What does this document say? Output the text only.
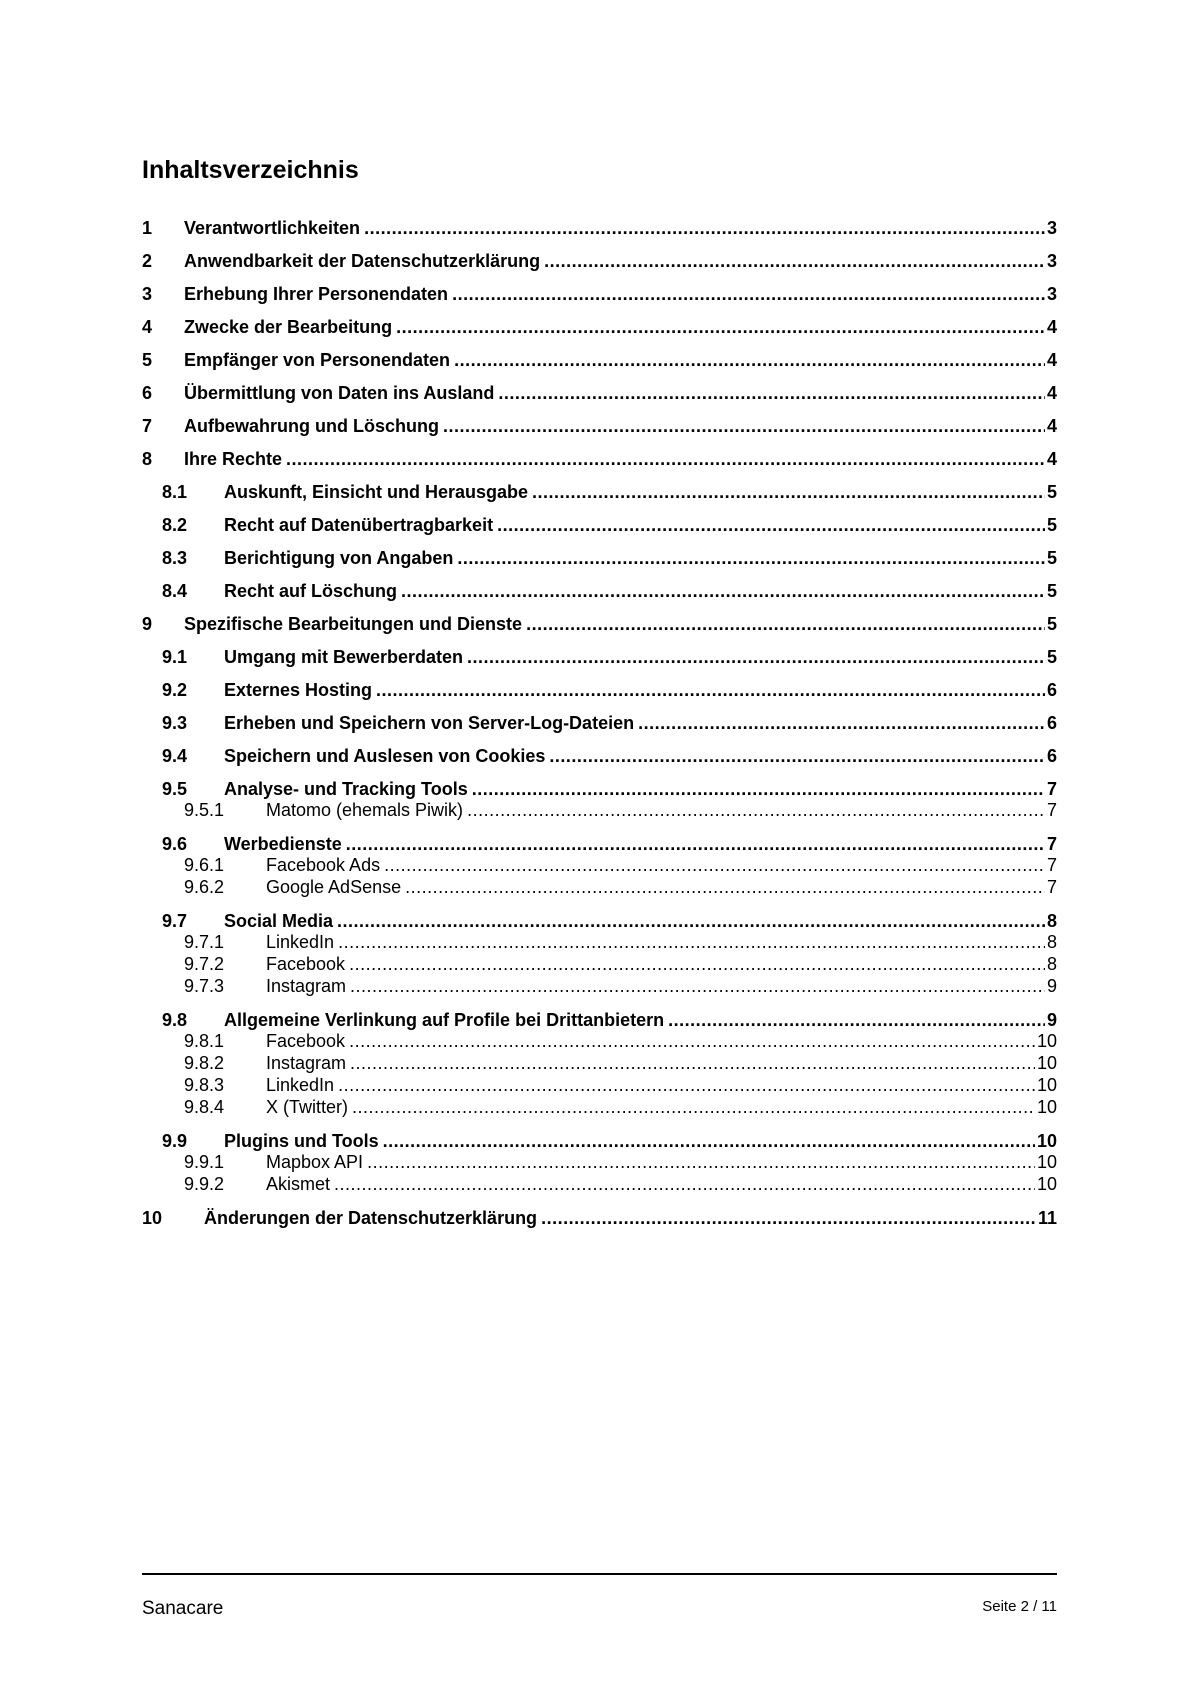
Inhaltsverzeichnis
1	Verantwortlichkeiten .....	3
2	Anwendbarkeit der Datenschutzerklärung .....	3
3	Erhebung Ihrer Personendaten .....	3
4	Zwecke der Bearbeitung .....	4
5	Empfänger von Personendaten .....	4
6	Übermittlung von Daten ins Ausland .....	4
7	Aufbewahrung und Löschung .....	4
8	Ihre Rechte .....	4
8.1	Auskunft, Einsicht und Herausgabe .....	5
8.2	Recht auf Datenübertragbarkeit .....	5
8.3	Berichtigung von Angaben .....	5
8.4	Recht auf Löschung .....	5
9	Spezifische Bearbeitungen und Dienste .....	5
9.1	Umgang mit Bewerberdaten .....	5
9.2	Externes Hosting .....	6
9.3	Erheben und Speichern von Server-Log-Dateien .....	6
9.4	Speichern und Auslesen von Cookies .....	6
9.5	Analyse- und Tracking Tools .....	7
9.5.1	Matomo (ehemals Piwik) .....	7
9.6	Werbedienste .....	7
9.6.1	Facebook Ads .....	7
9.6.2	Google AdSense .....	7
9.7	Social Media .....	8
9.7.1	LinkedIn .....	8
9.7.2	Facebook .....	8
9.7.3	Instagram .....	9
9.8	Allgemeine Verlinkung auf Profile bei Drittanbietern .....	9
9.8.1	Facebook .....	10
9.8.2	Instagram .....	10
9.8.3	LinkedIn .....	10
9.8.4	X (Twitter) .....	10
9.9	Plugins und Tools .....	10
9.9.1	Mapbox API .....	10
9.9.2	Akismet .....	10
10	Änderungen der Datenschutzerklärung .....	11
Sanacare	Seite 2 / 11
